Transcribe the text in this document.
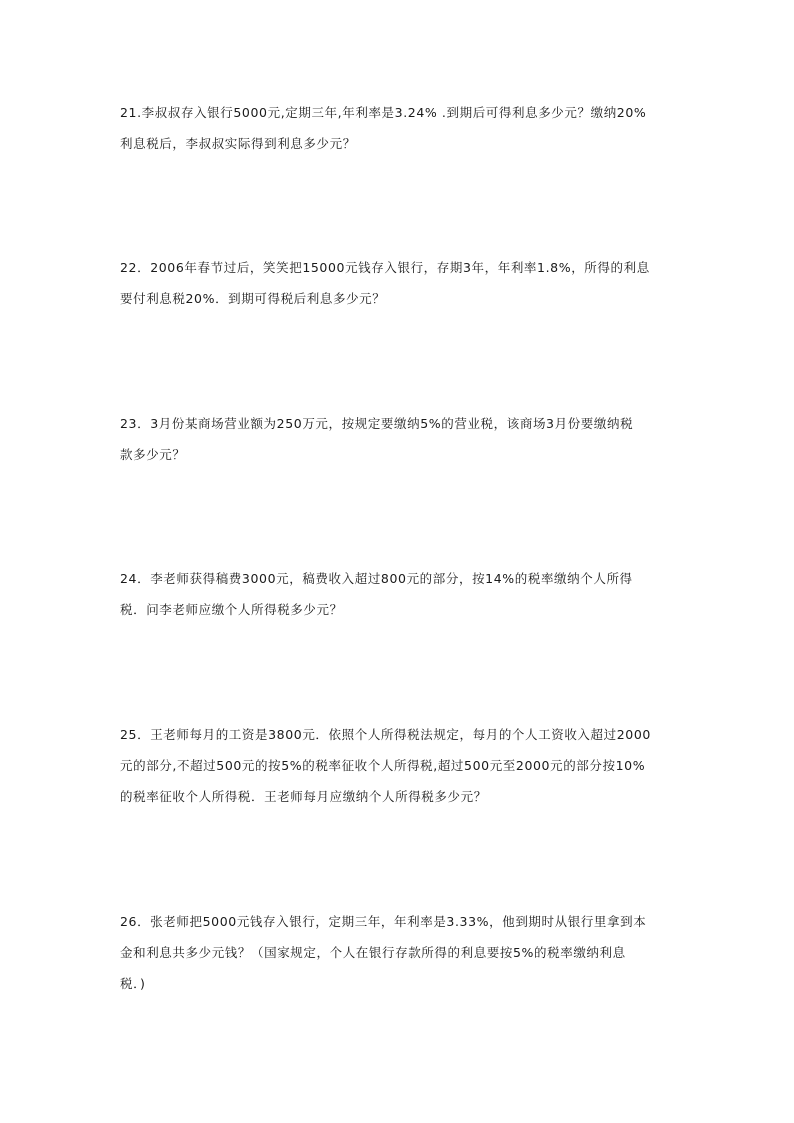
21.李叔叔存入银行5000元,定期三年,年利率是3.24% .到期后可得利息多少元？缴纳20%
利息税后，李叔叔实际得到利息多少元？
22．2006年春节过后，笑笑把15000元钱存入银行，存期3年，年利率1.8%，所得的利息
要付利息税20%．到期可得税后利息多少元？
23．3月份某商场营业额为250万元，按规定要缴纳5%的营业税，该商场3月份要缴纳税
款多少元？
24．李老师获得稿费3000元，稿费收入超过800元的部分，按14%的税率缴纳个人所得
税．问李老师应缴个人所得税多少元？
25．王老师每月的工资是3800元．依照个人所得税法规定，每月的个人工资收入超过2000
元的部分,不超过500元的按5%的税率征收个人所得税,超过500元至2000元的部分按10%
的税率征收个人所得税．王老师每月应缴纳个人所得税多少元？
26．张老师把5000元钱存入银行，定期三年，年利率是3.33%，他到期时从银行里拿到本
金和利息共多少元钱？（国家规定，个人在银行存款所得的利息要按5%的税率缴纳利息
税．)
